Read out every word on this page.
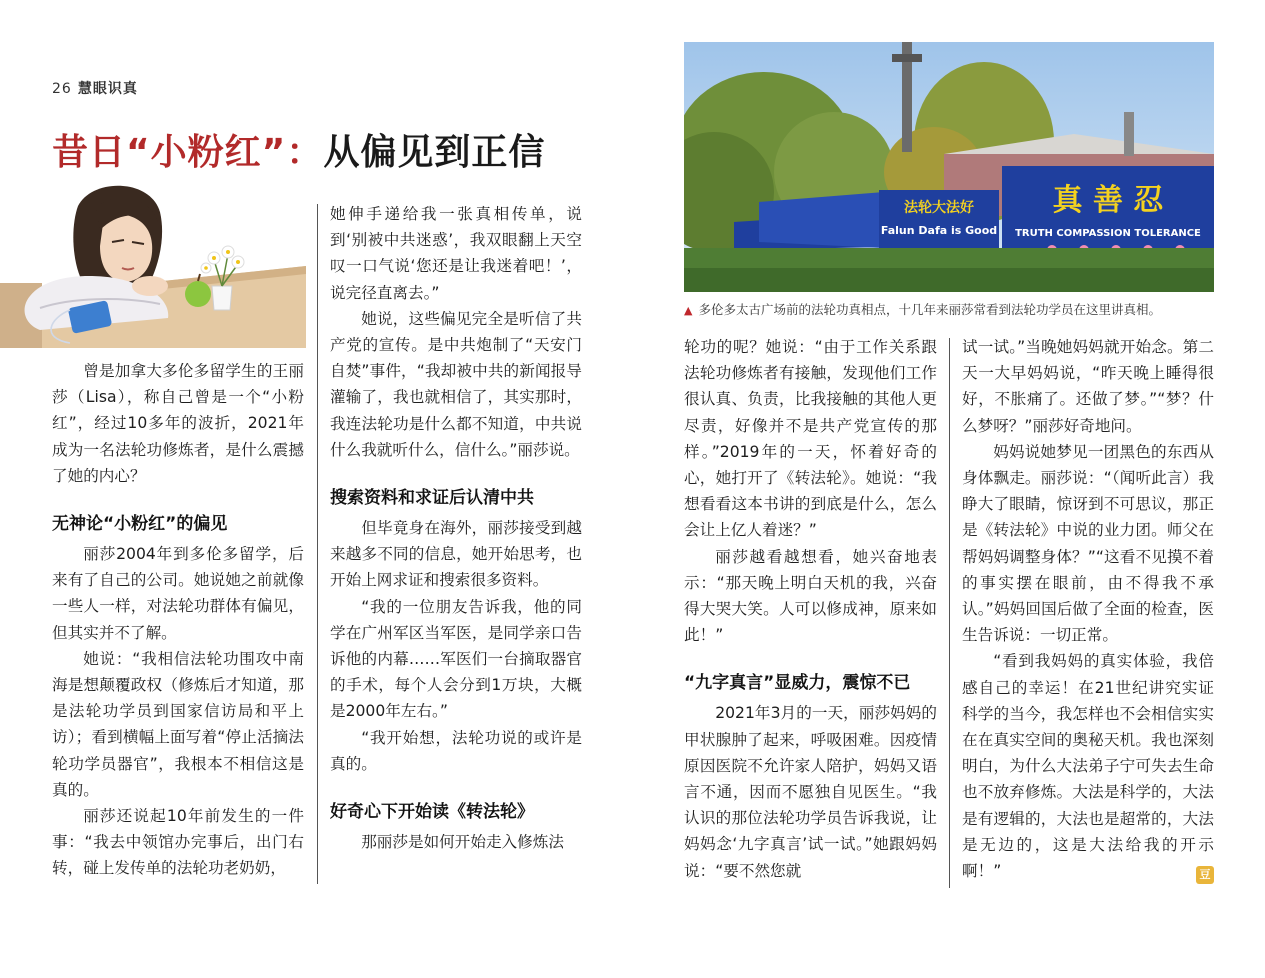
26 慧眼识真
昔日“小粉红”：从偏见到正信

曾是加拿大多伦多留学生的王丽莎（Lisa），称自己曾是一个“小粉红”，经过10多年的波折，2021年成为一名法轮功修炼者，是什么震撼了她的内心？

无神论“小粉红”的偏见

丽莎2004年到多伦多留学，后来有了自己的公司。她说她之前就像一些人一样，对法轮功群体有偏见，但其实并不了解。

她说：“我相信法轮功围攻中南海是想颠覆政权（修炼后才知道，那是法轮功学员到国家信访局和平上访）；看到横幅上面写着“停止活摘法轮功学员器官”，我根本不相信这是真的。

丽莎还说起10年前发生的一件事：“我去中领馆办完事后，出门右转，碰上发传单的法轮功老奶奶，

她伸手递给我一张真相传单，说到‘别被中共迷惑’，我双眼翻上天空叹一口气说‘您还是让我迷着吧！’，说完径直离去。”

她说，这些偏见完全是听信了共产党的宣传。是中共炮制了“天安门自焚”事件，“我却被中共的新闻报导灌输了，我也就相信了，其实那时，我连法轮功是什么都不知道，中共说什么我就听什么，信什么。”丽莎说。

搜索资料和求证后认清中共

但毕竟身在海外，丽莎接受到越来越多不同的信息，她开始思考，也开始上网求证和搜索很多资料。

“我的一位朋友告诉我，他的同学在广州军区当军医，是同学亲口告诉他的内幕……军医们一台摘取器官的手术，每个人会分到1万块，大概是2000年左右。”

“我开始想，法轮功说的或许是真的。

好奇心下开始读《转法轮》

那丽莎是如何开始走入修炼法

法轮大法好
Falun Dafa is Good
真 善 忍
TRUTH COMPASSION TOLERANCE
▲ 多伦多太古广场前的法轮功真相点，十几年来丽莎常看到法轮功学员在这里讲真相。

轮功的呢？她说：“由于工作关系跟法轮功修炼者有接触，发现他们工作很认真、负责，比我接触的其他人更尽责，好像并不是共产党宣传的那样。”2019年的一天，怀着好奇的心，她打开了《转法轮》。她说：“我想看看这本书讲的到底是什么，怎么会让上亿人着迷？”

丽莎越看越想看，她兴奋地表示：“那天晚上明白天机的我，兴奋得大哭大笑。人可以修成神，原来如此！”

“九字真言”显威力，震惊不已

2021年3月的一天，丽莎妈妈的甲状腺肿了起来，呼吸困难。因疫情原因医院不允许家人陪护，妈妈又语言不通，因而不愿独自见医生。“我认识的那位法轮功学员告诉我说，让妈妈念‘九字真言’试一试。”她跟妈妈说：“要不然您就

试一试。”当晚她妈妈就开始念。第二天一大早妈妈说，“昨天晚上睡得很好，不胀痛了。还做了梦。”“梦？什么梦呀？”丽莎好奇地问。

妈妈说她梦见一团黑色的东西从身体飘走。丽莎说：“（闻听此言）我睁大了眼睛，惊讶到不可思议，那正是《转法轮》中说的业力团。师父在帮妈妈调整身体？”“这看不见摸不着的事实摆在眼前，由不得我不承认。”妈妈回国后做了全面的检查，医生告诉说：一切正常。

“看到我妈妈的真实体验，我倍感自己的幸运！在21世纪讲究实证科学的当今，我怎样也不会相信实实在在真实空间的奥秘天机。我也深刻明白，为什么大法弟子宁可失去生命也不放弃修炼。大法是科学的，大法是有逻辑的，大法也是超常的，大法是无边的，这是大法给我的开示啊！”	豆
